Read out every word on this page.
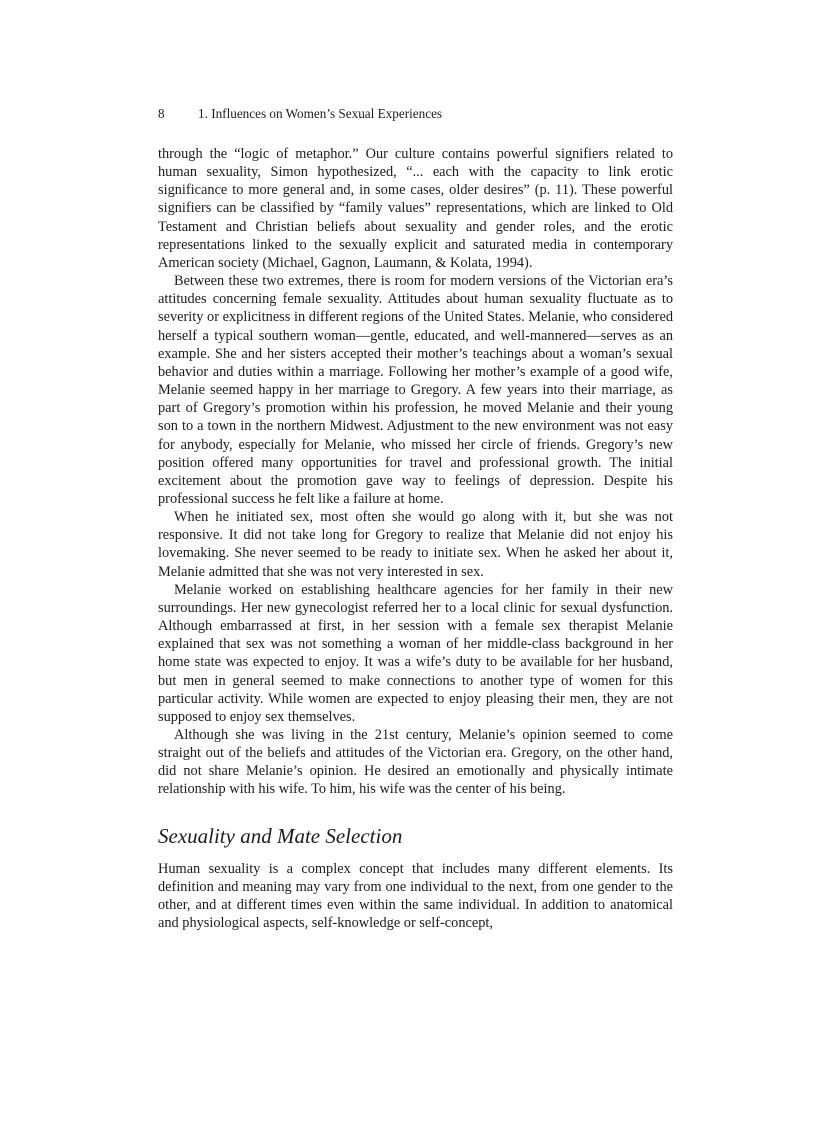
8	1. Influences on Women’s Sexual Experiences

through the “logic of metaphor.” Our culture contains powerful signifiers related to human sexuality, Simon hypothesized, “... each with the capacity to link erotic significance to more general and, in some cases, older desires” (p. 11). These powerful signifiers can be classified by “family values” representations, which are linked to Old Testament and Christian beliefs about sexuality and gender roles, and the erotic representations linked to the sexually explicit and saturated media in contemporary American society (Michael, Gagnon, Laumann, & Kolata, 1994).

Between these two extremes, there is room for modern versions of the Victorian era’s attitudes concerning female sexuality. Attitudes about human sexuality fluctuate as to severity or explicitness in different regions of the United States. Melanie, who considered herself a typical southern woman—gentle, educated, and well-mannered—serves as an example. She and her sisters accepted their mother’s teachings about a woman’s sexual behavior and duties within a marriage. Following her mother’s example of a good wife, Melanie seemed happy in her marriage to Gregory. A few years into their marriage, as part of Gregory’s promotion within his profession, he moved Melanie and their young son to a town in the northern Midwest. Adjustment to the new environment was not easy for anybody, especially for Melanie, who missed her circle of friends. Gregory’s new position offered many opportunities for travel and professional growth. The initial excitement about the promotion gave way to feelings of depression. Despite his professional success he felt like a failure at home.

When he initiated sex, most often she would go along with it, but she was not responsive. It did not take long for Gregory to realize that Melanie did not enjoy his lovemaking. She never seemed to be ready to initiate sex. When he asked her about it, Melanie admitted that she was not very interested in sex.

Melanie worked on establishing healthcare agencies for her family in their new surroundings. Her new gynecologist referred her to a local clinic for sexual dysfunction. Although embarrassed at first, in her session with a female sex therapist Melanie explained that sex was not something a woman of her middle-class background in her home state was expected to enjoy. It was a wife’s duty to be available for her husband, but men in general seemed to make connections to another type of women for this particular activity. While women are expected to enjoy pleasing their men, they are not supposed to enjoy sex themselves.

Although she was living in the 21st century, Melanie’s opinion seemed to come straight out of the beliefs and attitudes of the Victorian era. Gregory, on the other hand, did not share Melanie’s opinion. He desired an emotionally and physically intimate relationship with his wife. To him, his wife was the center of his being.

Sexuality and Mate Selection

Human sexuality is a complex concept that includes many different elements. Its definition and meaning may vary from one individual to the next, from one gender to the other, and at different times even within the same individual. In addition to anatomical and physiological aspects, self-knowledge or self-concept,
